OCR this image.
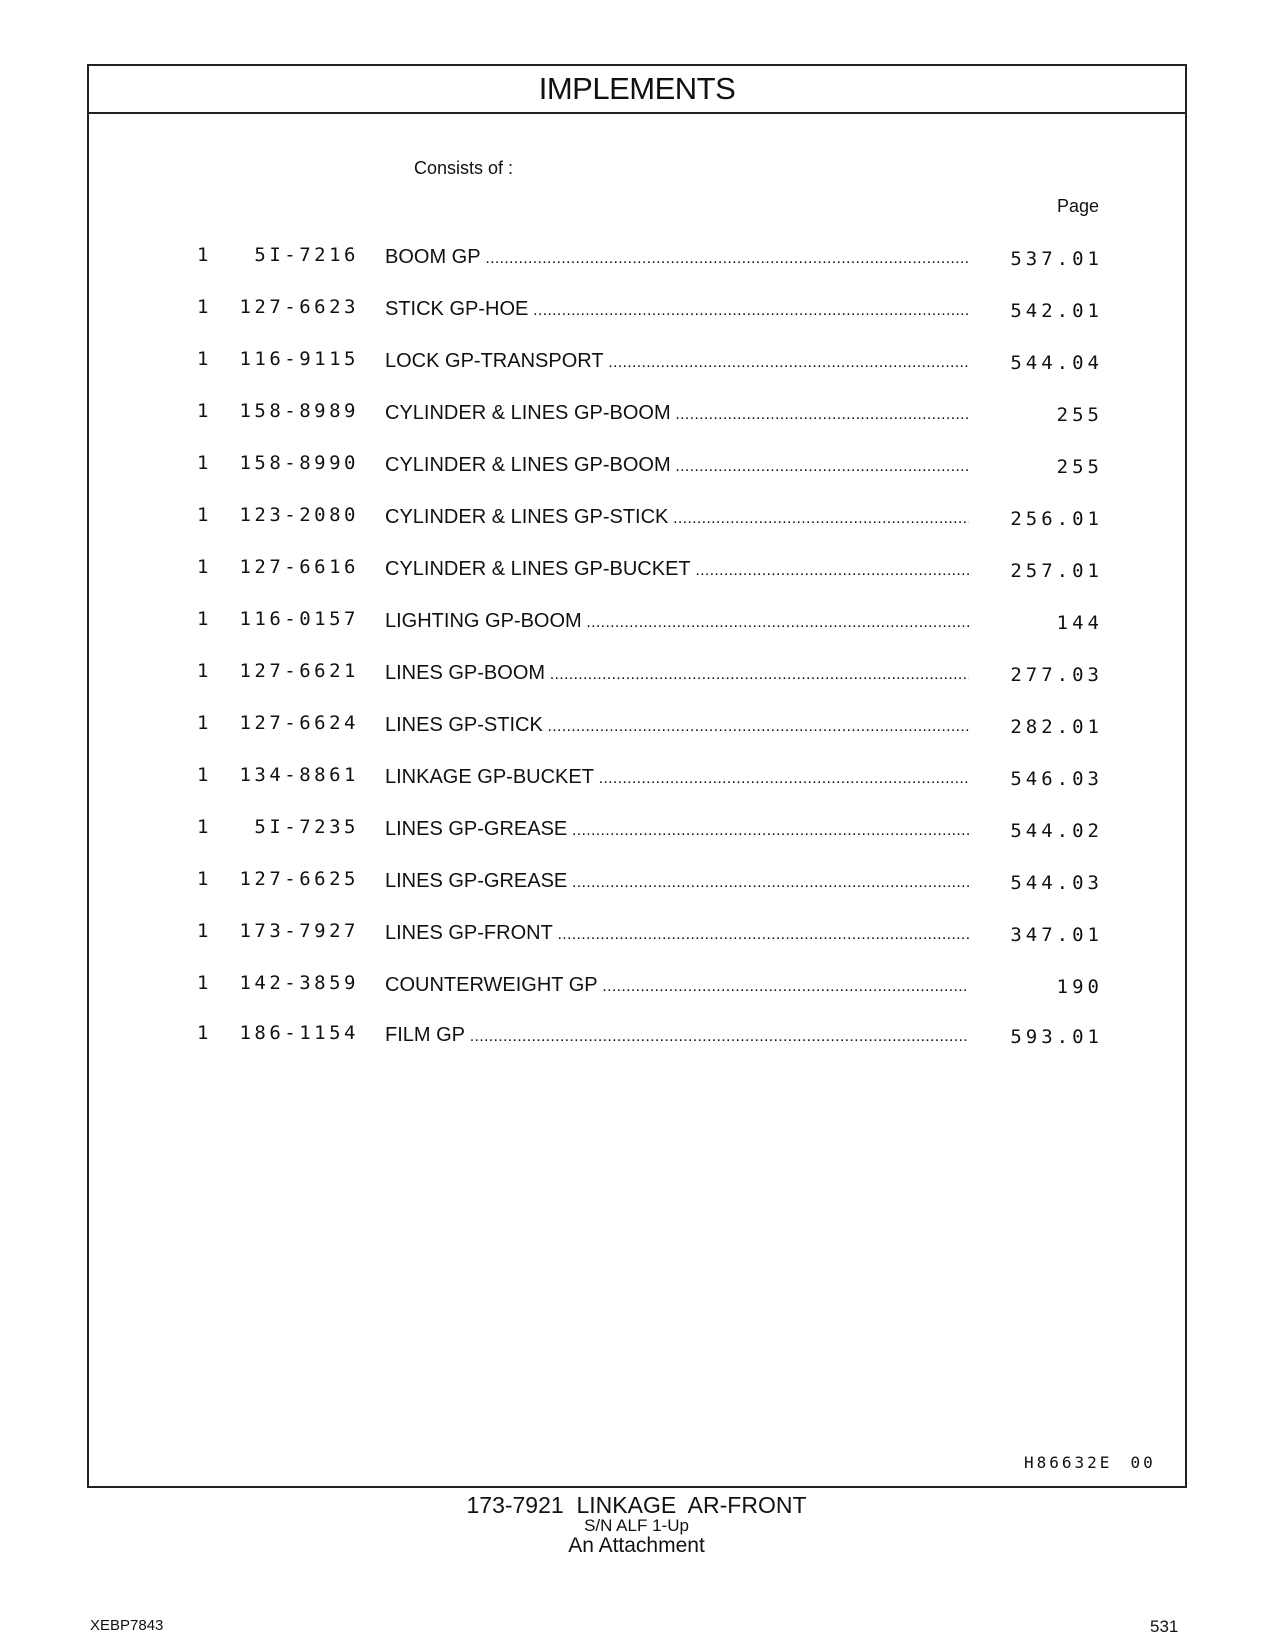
IMPLEMENTS
Consists of :
Page
1	5I-7216 BOOM GP .....	537.01
1	127-6623 STICK GP-HOE .....	542.01
1	116-9115 LOCK GP-TRANSPORT .....	544.04
1	158-8989 CYLINDER & LINES GP-BOOM .....	255
1	158-8990 CYLINDER & LINES GP-BOOM .....	255
1	123-2080 CYLINDER & LINES GP-STICK .....	256.01
1	127-6616 CYLINDER & LINES GP-BUCKET .....	257.01
1	116-0157 LIGHTING GP-BOOM .....	144
1	127-6621 LINES GP-BOOM .....	277.03
1	127-6624 LINES GP-STICK .....	282.01
1	134-8861 LINKAGE GP-BUCKET .....	546.03
1	5I-7235 LINES GP-GREASE .....	544.02
1	127-6625 LINES GP-GREASE .....	544.03
1	173-7927 LINES GP-FRONT .....	347.01
1	142-3859 COUNTERWEIGHT GP .....	190
1	186-1154 FILM GP .....	593.01
H86632E 00
173-7921  LINKAGE  AR-FRONT
S/N ALF 1-Up
An Attachment
XEBP7843	531
